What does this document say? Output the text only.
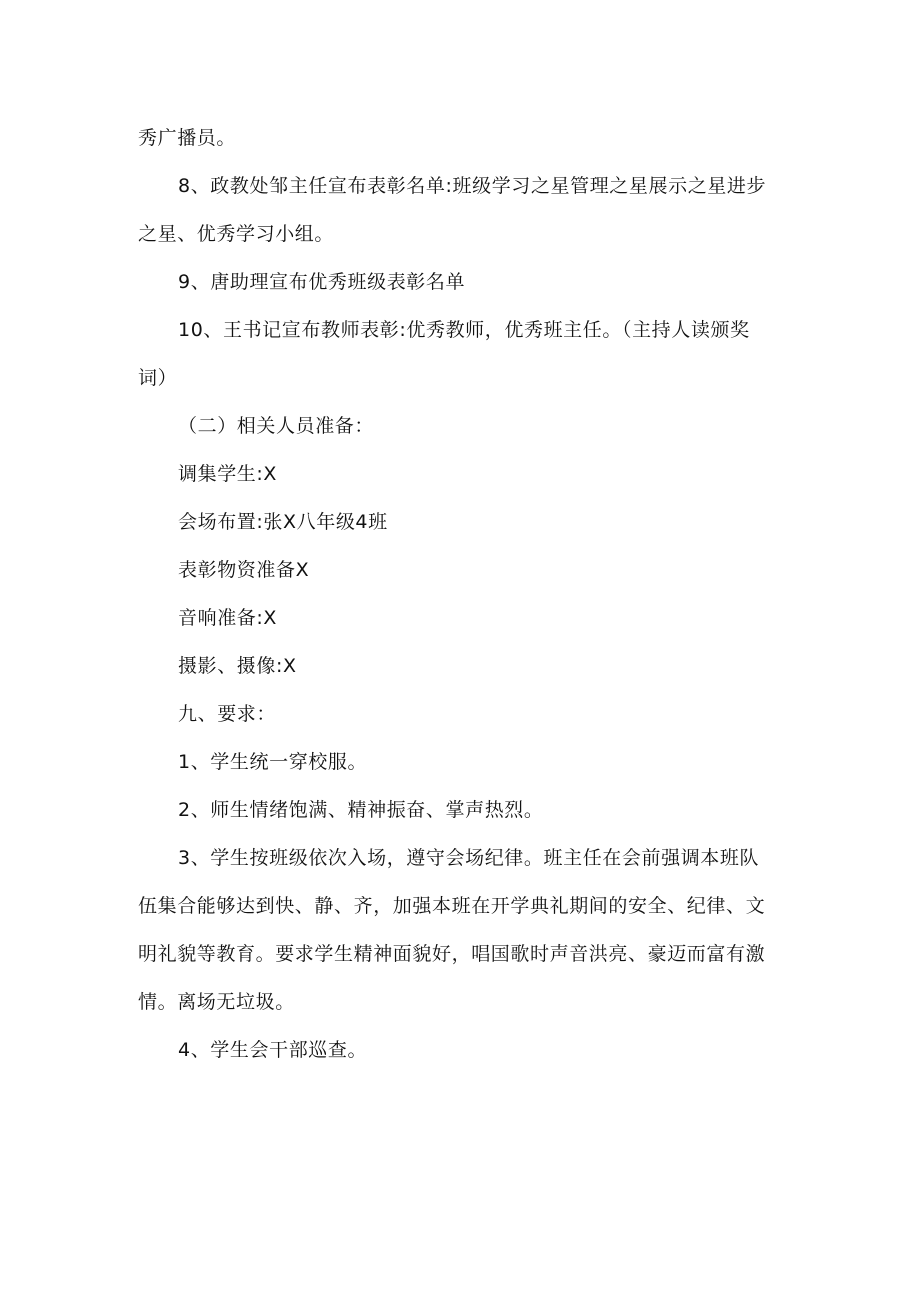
秀广播员。
8、政教处邹主任宣布表彰名单:班级学习之星管理之星展示之星进步
之星、优秀学习小组。
9、唐助理宣布优秀班级表彰名单
10、王书记宣布教师表彰:优秀教师，优秀班主任。（主持人读颁奖
词）
（二）相关人员准备：
调集学生:X
会场布置:张X八年级4班
表彰物资准备X
音响准备:X
摄影、摄像:X
九、要求：
1、学生统一穿校服。
2、师生情绪饱满、精神振奋、掌声热烈。
3、学生按班级依次入场，遵守会场纪律。班主任在会前强调本班队
伍集合能够达到快、静、齐，加强本班在开学典礼期间的安全、纪律、文
明礼貌等教育。要求学生精神面貌好，唱国歌时声音洪亮、豪迈而富有激
情。离场无垃圾。
4、学生会干部巡查。
